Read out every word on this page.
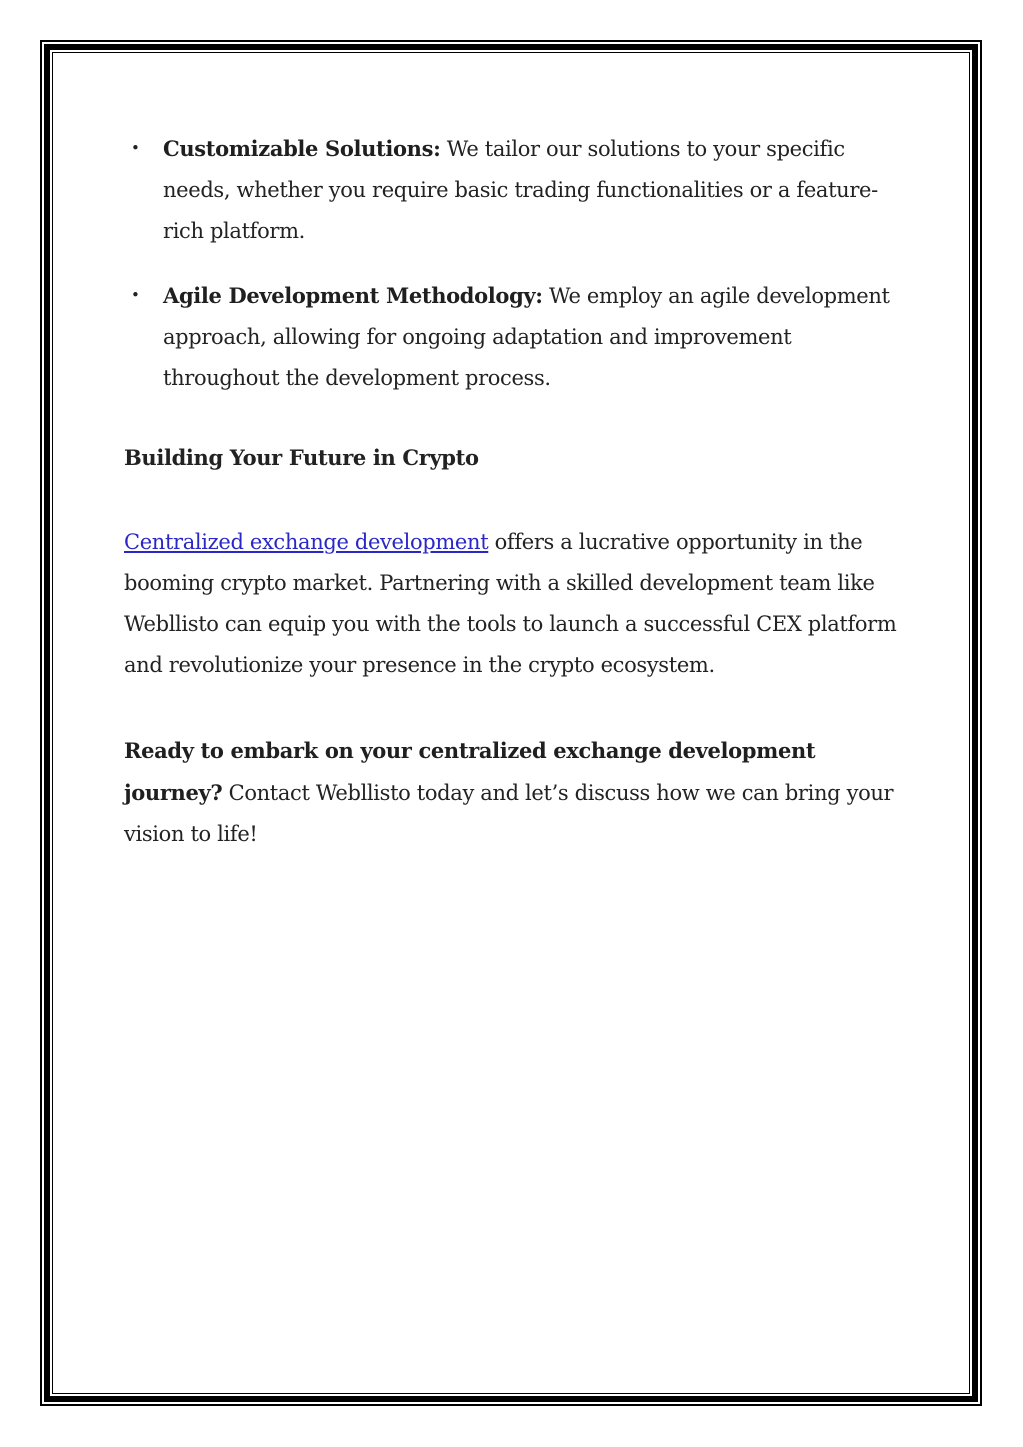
• Customizable Solutions: We tailor our solutions to your specific needs, whether you require basic trading functionalities or a feature-rich platform.
• Agile Development Methodology: We employ an agile development approach, allowing for ongoing adaptation and improvement throughout the development process.
Building Your Future in Crypto

Centralized exchange development offers a lucrative opportunity in the booming crypto market. Partnering with a skilled development team like Webllisto can equip you with the tools to launch a successful CEX platform and revolutionize your presence in the crypto ecosystem.

Ready to embark on your centralized exchange development journey? Contact Webllisto today and let’s discuss how we can bring your vision to life!
